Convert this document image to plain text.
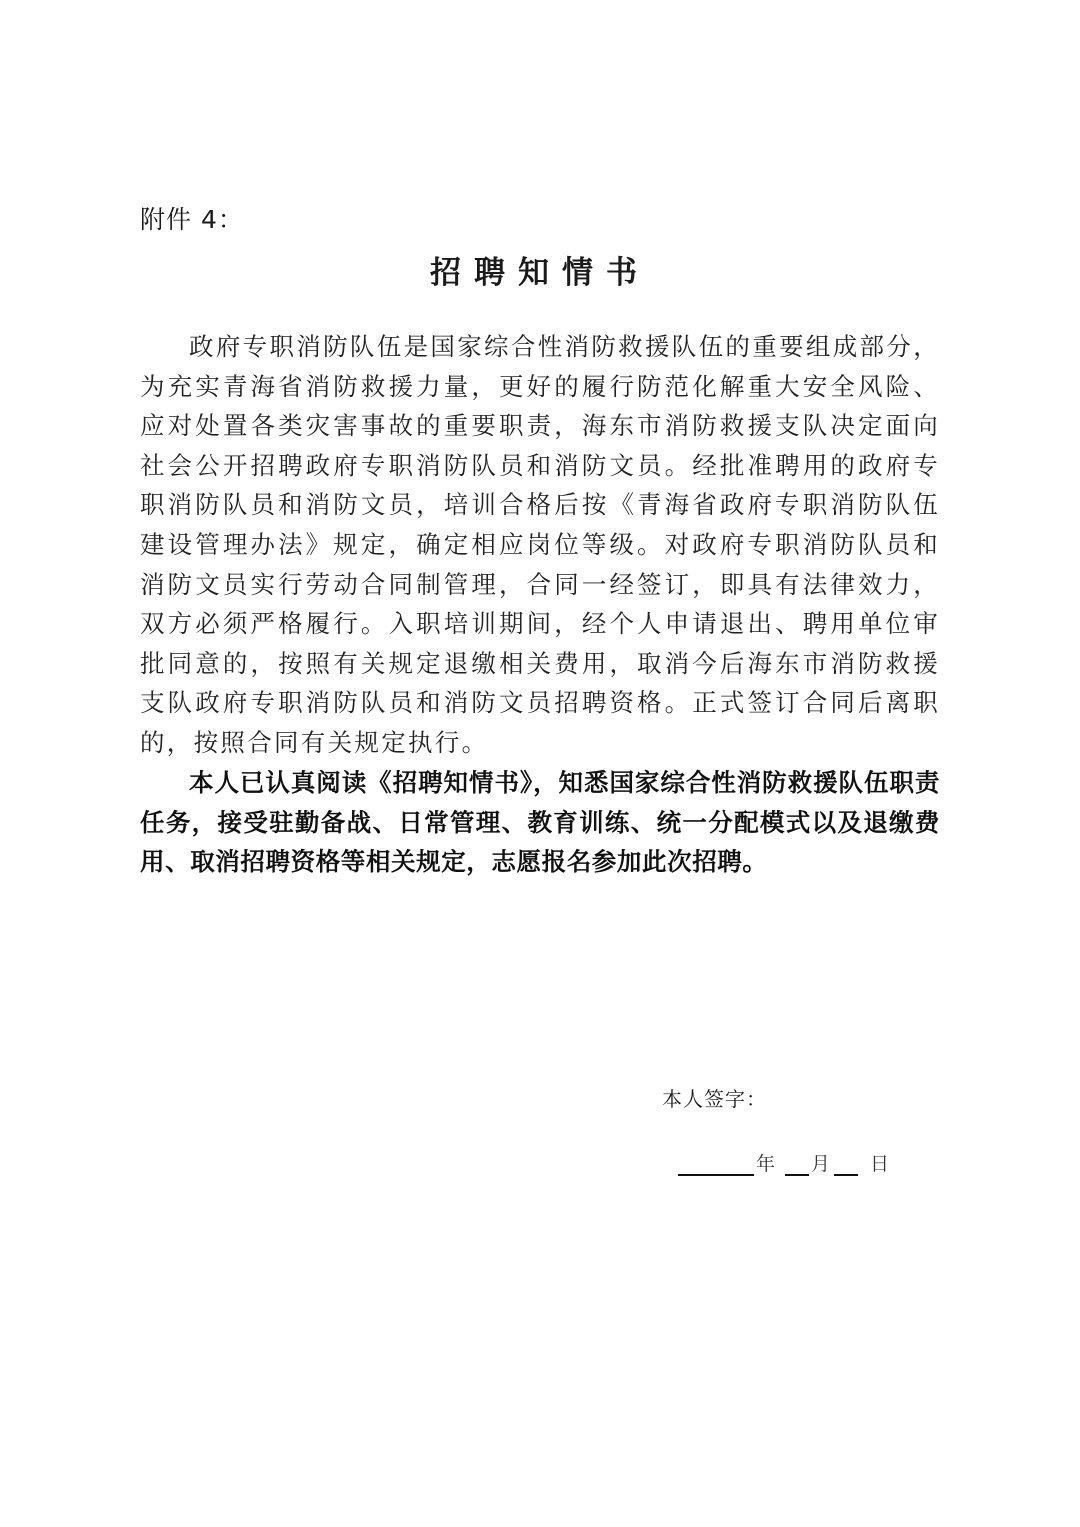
附件 4：
招聘知情书

政府专职消防队伍是国家综合性消防救援队伍的重要组成部分，为充实青海省消防救援力量，更好的履行防范化解重大安全风险、应对处置各类灾害事故的重要职责，海东市消防救援支队决定面向社会公开招聘政府专职消防队员和消防文员。经批准聘用的政府专职消防队员和消防文员，培训合格后按《青海省政府专职消防队伍建设管理办法》规定，确定相应岗位等级。对政府专职消防队员和消防文员实行劳动合同制管理，合同一经签订，即具有法律效力，双方必须严格履行。入职培训期间，经个人申请退出、聘用单位审批同意的，按照有关规定退缴相关费用，取消今后海东市消防救援支队政府专职消防队员和消防文员招聘资格。正式签订合同后离职的，按照合同有关规定执行。

本人已认真阅读《招聘知情书》，知悉国家综合性消防救援队伍职责任务，接受驻勤备战、日常管理、教育训练、统一分配模式以及退缴费用、取消招聘资格等相关规定，志愿报名参加此次招聘。

本人签字：
年 月 日
